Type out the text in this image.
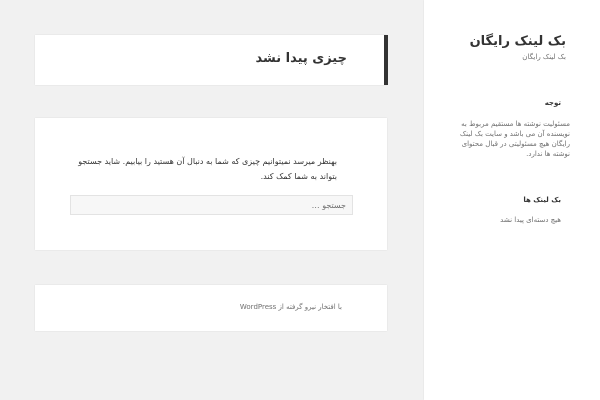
بک لینک رایگان
بک لینک رایگان
توجه
مسئولیت نوشته ها مستقیم مربوط به نویسنده آن می باشد و سایت بک لینک رایگان هیچ مسئولیتی در قبال محتوای نوشته ها ندارد.
بک لینک ها
هیچ دسته‌ای پیدا نشد
چیزی پیدا نشد
بهنظر میرسد نمیتوانیم چیزی که شما به دنبال آن هستید را بیابیم. شاید جستجو بتواند به شما کمک کند.
جستجو …
با افتخار نیرو گرفته از WordPress
